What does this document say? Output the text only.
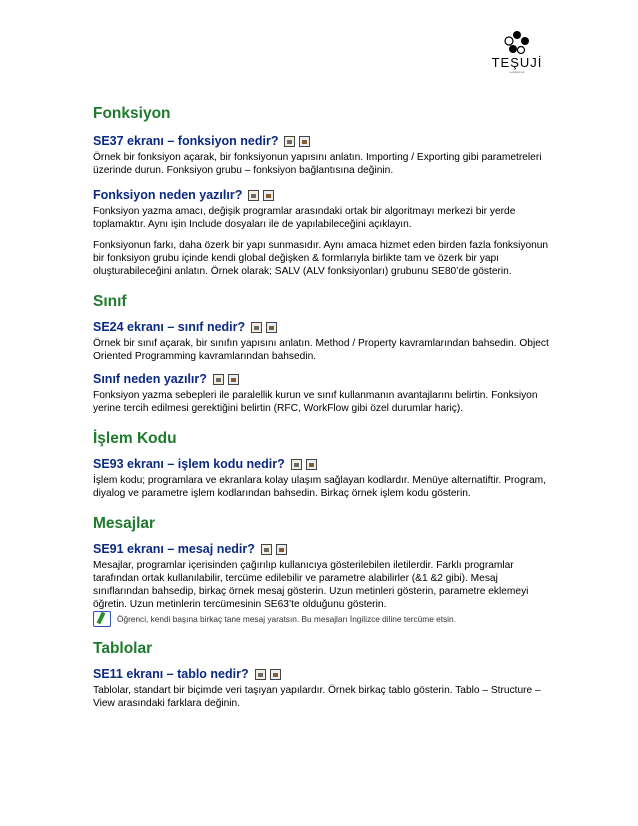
TEŞUJİ
e-öğrenme
Fonksiyon
SE37 ekranı – fonksiyon nedir?

Örnek bir fonksiyon açarak, bir fonksiyonun yapısını anlatın. Importing / Exporting gibi parametreleri üzerinde durun. Fonksiyon grubu – fonksiyon bağlantısına değinin.

Fonksiyon neden yazılır?

Fonksiyon yazma amacı, değişik programlar arasındaki ortak bir algoritmayı merkezi bir yerde toplamaktır. Aynı işin Include dosyaları ile de yapılabileceğini açıklayın.

Fonksiyonun farkı, daha özerk bir yapı sunmasıdır. Aynı amaca hizmet eden birden fazla fonksiyonun bir fonksiyon grubu içinde kendi global değişken & formlarıyla birlikte tam ve özerk bir yapı oluşturabileceğini anlatın. Örnek olarak; SALV (ALV fonksiyonları) grubunu SE80’de gösterin.

Sınıf
SE24 ekranı – sınıf nedir?

Örnek bir sınıf açarak, bir sınıfın yapısını anlatın. Method / Property kavramlarından bahsedin. Object Oriented Programming kavramlarından bahsedin.

Sınıf neden yazılır?

Fonksiyon yazma sebepleri ile paralellik kurun ve sınıf kullanmanın avantajlarını belirtin. Fonksiyon yerine tercih edilmesi gerektiğini belirtin (RFC, WorkFlow gibi özel durumlar hariç).

İşlem Kodu
SE93 ekranı – işlem kodu nedir?

İşlem kodu; programlara ve ekranlara kolay ulaşım sağlayan kodlardır. Menüye alternatiftir. Program, diyalog ve parametre işlem kodlarından bahsedin. Birkaç örnek işlem kodu gösterin.

Mesajlar
SE91 ekranı – mesaj nedir?

Mesajlar, programlar içerisinden çağırılıp kullanıcıya gösterilebilen iletilerdir. Farklı programlar tarafından ortak kullanılabilir, tercüme edilebilir ve parametre alabilirler (&1 &2 gibi). Mesaj sınıflarından bahsedip, birkaç örnek mesaj gösterin. Uzun metinleri gösterin, parametre eklemeyi öğretin. Uzun metinlerin tercümesinin SE63’te olduğunu gösterin.

Öğrenci, kendi başına birkaç tane mesaj yaratsın. Bu mesajları İngilizce diline tercüme etsin.
Tablolar
SE11 ekranı – tablo nedir?

Tablolar, standart bir biçimde veri taşıyan yapılardır. Örnek birkaç tablo gösterin. Tablo – Structure – View arasındaki farklara değinin.
